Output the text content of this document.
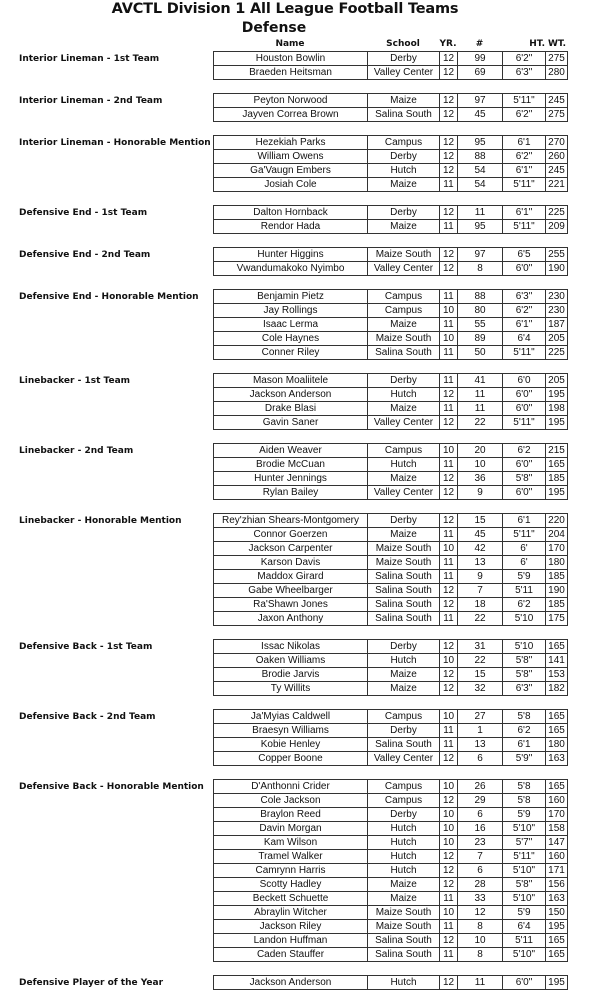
AVCTL Division 1 All League Football Teams
Defense
Name	School	YR.	#	HT. WT.
Interior Lineman - 1st Team	Houston Bowlin	Derby	12	99	6'2"	275
Braeden Heitsman	Valley Center	12	69	6'3"	280
Interior Lineman - 2nd Team	Peyton Norwood	Maize	12	97	5'11"	245
Jayven Correa Brown	Salina South	12	45	6'2"	275
Interior Lineman - Honorable Mention	Hezekiah Parks	Campus	12	95	6'1	270
William Owens	Derby	12	88	6'2"	260
Ga'Vaugn Embers	Hutch	12	54	6'1"	245
Josiah Cole	Maize	11	54	5'11"	221
Defensive End - 1st Team	Dalton Hornback	Derby	12	11	6'1"	225
Rendor Hada	Maize	11	95	5'11"	209
Defensive End - 2nd Team	Hunter Higgins	Maize South	12	97	6'5	255
Vwandumakoko Nyimbo	Valley Center	12	8	6'0"	190
Defensive End - Honorable Mention	Benjamin Pietz	Campus	11	88	6'3"	230
Jay Rollings	Campus	10	80	6'2"	230
Isaac Lerma	Maize	11	55	6'1"	187
Cole Haynes	Maize South	10	89	6'4	205
Conner Riley	Salina South	11	50	5'11"	225
Linebacker - 1st Team	Mason Moaliitele	Derby	11	41	6'0	205
Jackson Anderson	Hutch	12	11	6'0"	195
Drake Blasi	Maize	11	11	6'0"	198
Gavin Saner	Valley Center	12	22	5'11"	195
Linebacker - 2nd Team	Aiden Weaver	Campus	10	20	6'2	215
Brodie McCuan	Hutch	11	10	6'0"	165
Hunter Jennings	Maize	12	36	5'8"	185
Rylan Bailey	Valley Center	12	9	6'0"	195
Linebacker - Honorable Mention	Rey'zhian Shears-Montgomery	Derby	12	15	6'1	220
Connor Goerzen	Maize	11	45	5'11"	204
Jackson Carpenter	Maize South	10	42	6'	170
Karson Davis	Maize South	11	13	6'	180
Maddox Girard	Salina South	11	9	5'9	185
Gabe Wheelbarger	Salina South	12	7	5'11	190
Ra'Shawn Jones	Salina South	12	18	6'2	185
Jaxon Anthony	Salina South	11	22	5'10	175
Defensive Back - 1st Team	Issac Nikolas	Derby	12	31	5'10	165
Oaken Williams	Hutch	10	22	5'8"	141
Brodie Jarvis	Maize	12	15	5'8"	153
Ty Willits	Maize	12	32	6'3"	182
Defensive Back - 2nd Team	Ja'Myias Caldwell	Campus	10	27	5'8	165
Braesyn Williams	Derby	11	1	6'2	165
Kobie Henley	Salina South	11	13	6'1	180
Copper Boone	Valley Center	12	6	5'9"	163
Defensive Back - Honorable Mention	D'Anthonni Crider	Campus	10	26	5'8	165
Cole Jackson	Campus	12	29	5'8	160
Braylon Reed	Derby	10	6	5'9	170
Davin Morgan	Hutch	10	16	5'10"	158
Kam Wilson	Hutch	10	23	5'7"	147
Tramel Walker	Hutch	12	7	5'11"	160
Camrynn Harris	Hutch	12	6	5'10"	171
Scotty Hadley	Maize	12	28	5'8"	156
Beckett Schuette	Maize	11	33	5'10"	163
Abraylin Witcher	Maize South	10	12	5'9	150
Jackson Riley	Maize South	11	8	6'4	195
Landon Huffman	Salina South	12	10	5'11	165
Caden Stauffer	Salina South	11	8	5'10"	165
Defensive Player of the Year	Jackson Anderson	Hutch	12	11	6'0"	195
